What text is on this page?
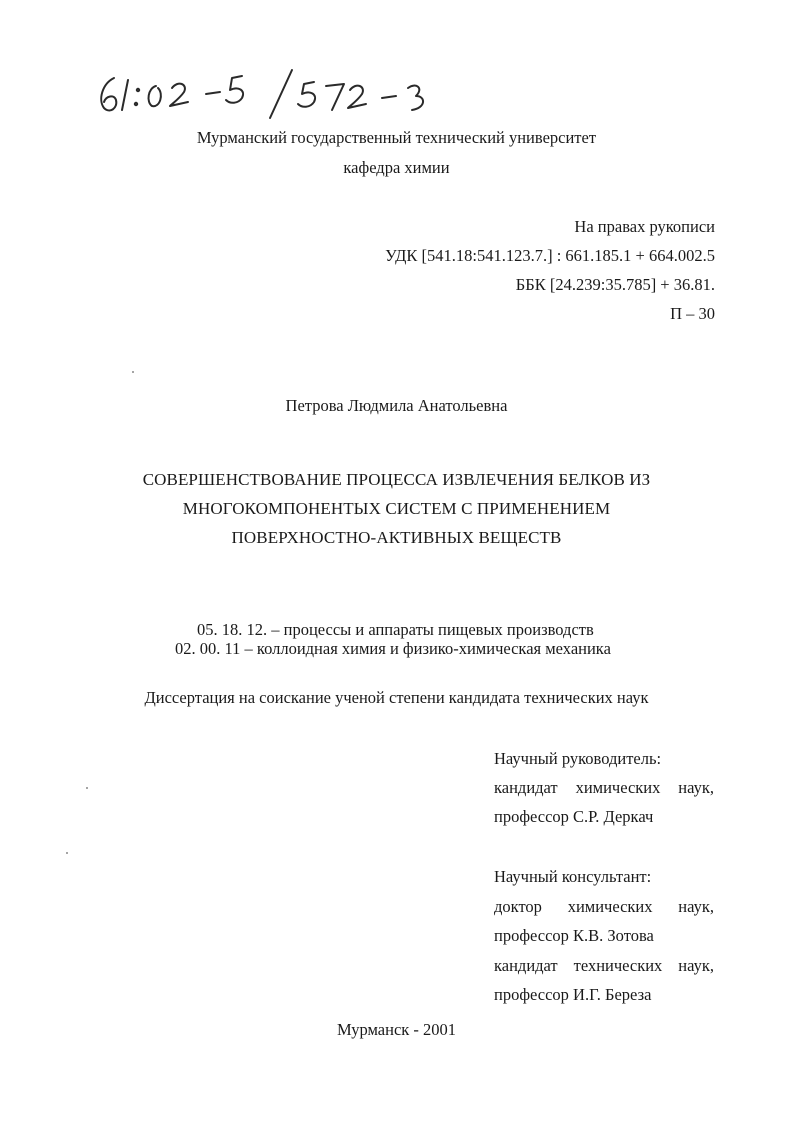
Мурманский государственный технический университет
кафедра химии
На правах рукописи
УДК [541.18:541.123.7.] : 661.185.1 + 664.002.5
ББК [24.239:35.785] + 36.81.
П – 30
Петрова Людмила Анатольевна
СОВЕРШЕНСТВОВАНИЕ ПРОЦЕССА ИЗВЛЕЧЕНИЯ БЕЛКОВ ИЗ
МНОГОКОМПОНЕНТЫХ СИСТЕМ С ПРИМЕНЕНИЕМ
ПОВЕРХНОСТНО-АКТИВНЫХ ВЕЩЕСТВ
05. 18. 12. – процессы и аппараты пищевых производств
02. 00. 11 – коллоидная химия и физико-химическая механика
Диссертация на соискание ученой степени кандидата технических наук
Научный руководитель:
кандидат химических наук,
профессор С.Р. Деркач
Научный консультант:
доктор химических наук,
профессор К.В. Зотова
кандидат технических наук,
профессор И.Г. Береза
Мурманск - 2001
